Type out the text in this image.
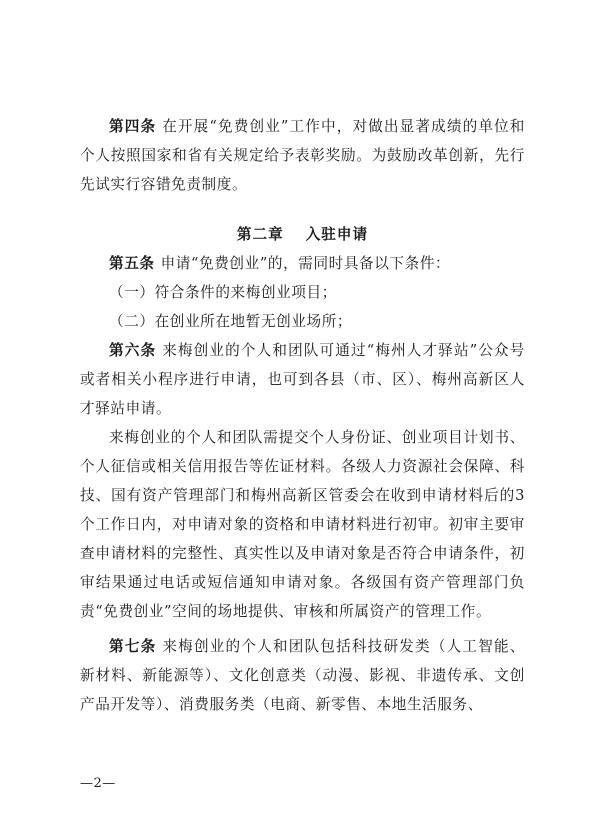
第四条 在开展“免费创业”工作中，对做出显著成绩的单位和个人按照国家和省有关规定给予表彰奖励。为鼓励改革创新，先行先试实行容错免责制度。

第二章 入驻申请

第五条 申请“免费创业”的，需同时具备以下条件：

（一）符合条件的来梅创业项目；

（二）在创业所在地暂无创业场所；

第六条 来梅创业的个人和团队可通过“梅州人才驿站”公众号或者相关小程序进行申请，也可到各县（市、区）、梅州高新区人才驿站申请。

来梅创业的个人和团队需提交个人身份证、创业项目计划书、个人征信或相关信用报告等佐证材料。各级人力资源社会保障、科技、国有资产管理部门和梅州高新区管委会在收到申请材料后的3个工作日内，对申请对象的资格和申请材料进行初审。初审主要审查申请材料的完整性、真实性以及申请对象是否符合申请条件，初审结果通过电话或短信通知申请对象。各级国有资产管理部门负责“免费创业”空间的场地提供、审核和所属资产的管理工作。

第七条 来梅创业的个人和团队包括科技研发类（人工智能、新材料、新能源等）、文化创意类（动漫、影视、非遗传承、文创产品开发等）、消费服务类（电商、新零售、本地生活服务、

—2—
